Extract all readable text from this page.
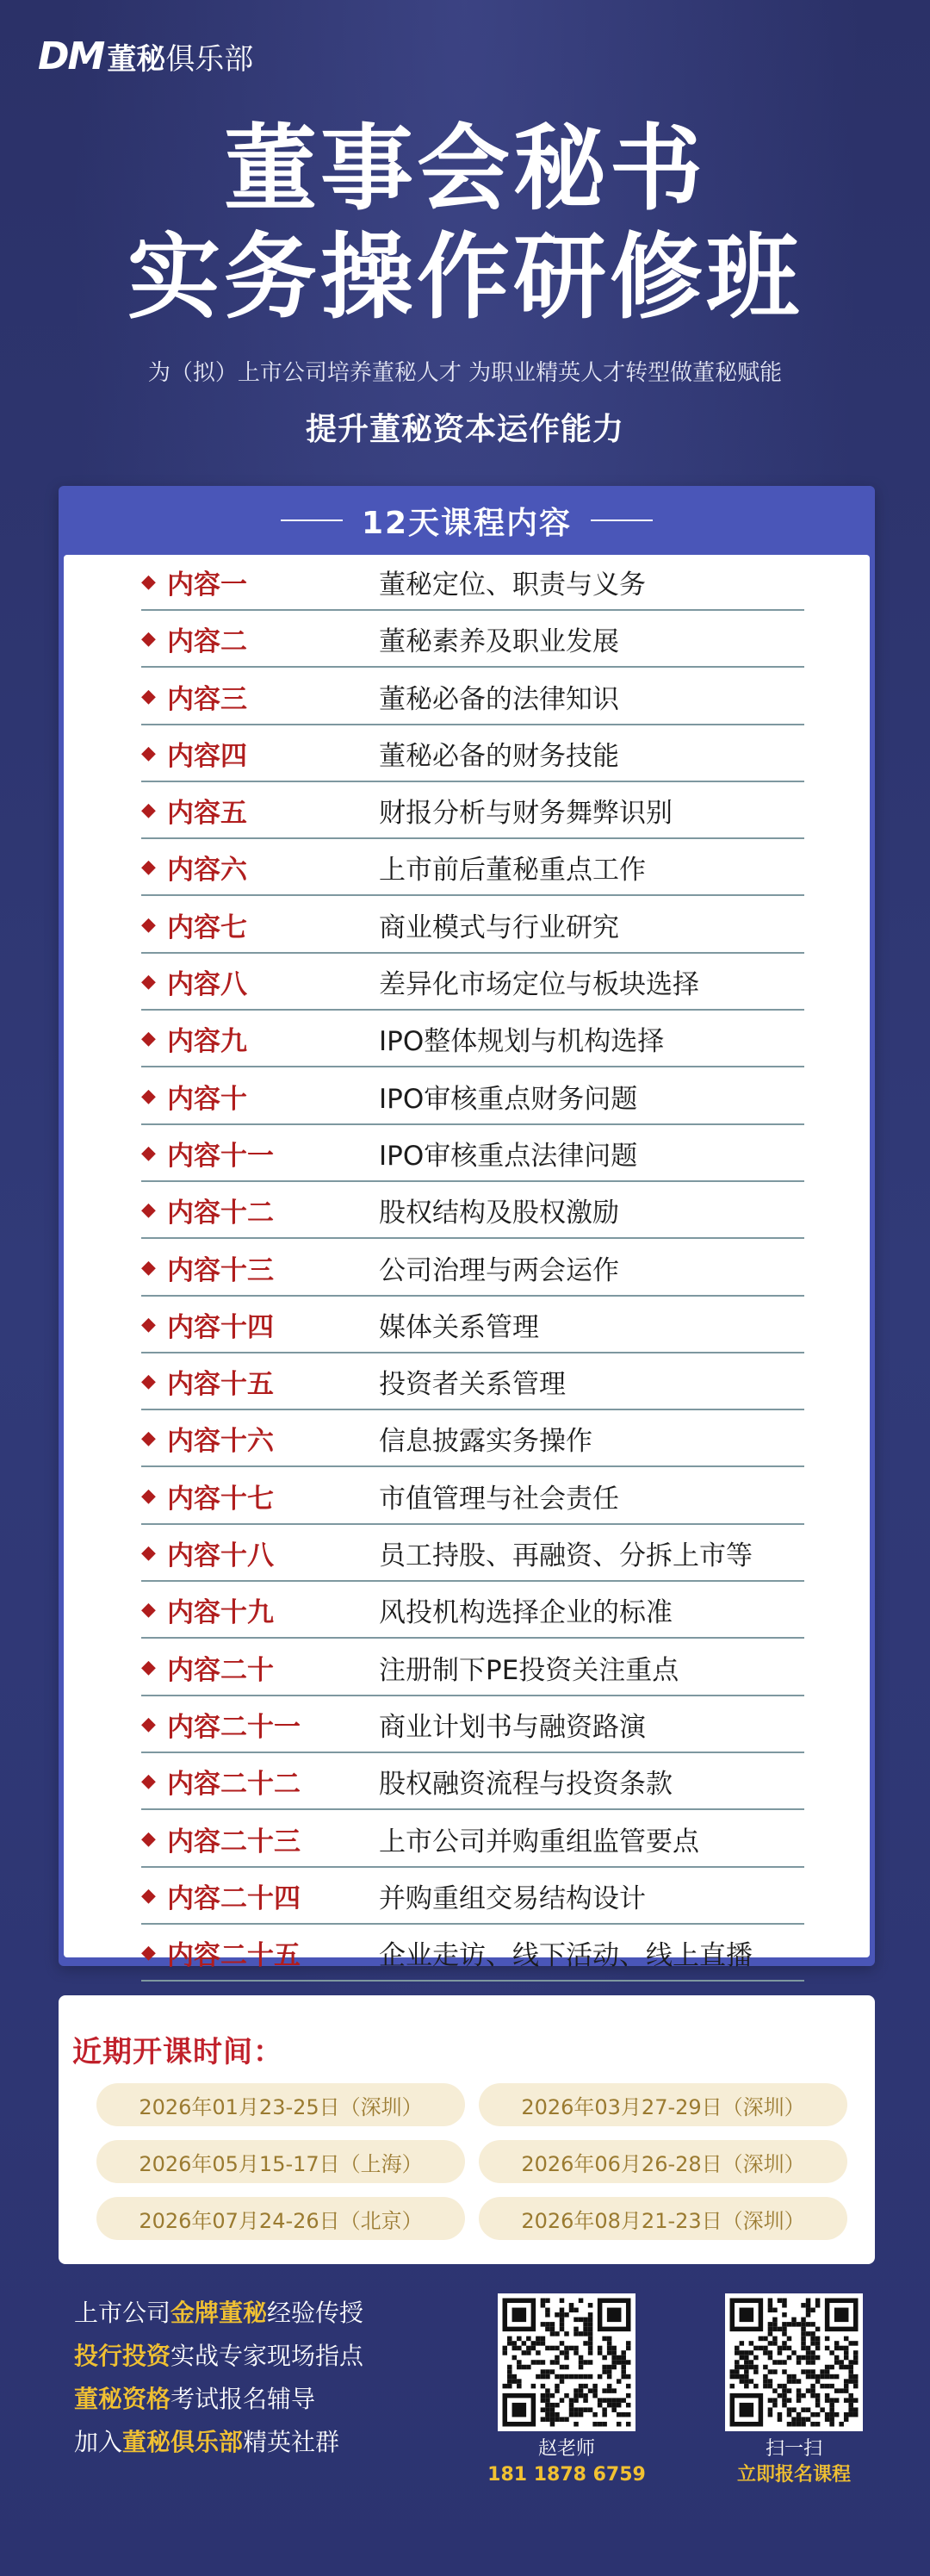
DM 董秘俱乐部
董事会秘书
实务操作研修班
为（拟）上市公司培养董秘人才 为职业精英人才转型做董秘赋能
提升董秘资本运作能力
12天课程内容
◆ 内容一	董秘定位、职责与义务
◆ 内容二	董秘素养及职业发展
◆ 内容三	董秘必备的法律知识
◆ 内容四	董秘必备的财务技能
◆ 内容五	财报分析与财务舞弊识别
◆ 内容六	上市前后董秘重点工作
◆ 内容七	商业模式与行业研究
◆ 内容八	差异化市场定位与板块选择
◆ 内容九	IPO整体规划与机构选择
◆ 内容十	IPO审核重点财务问题
◆ 内容十一	IPO审核重点法律问题
◆ 内容十二	股权结构及股权激励
◆ 内容十三	公司治理与两会运作
◆ 内容十四	媒体关系管理
◆ 内容十五	投资者关系管理
◆ 内容十六	信息披露实务操作
◆ 内容十七	市值管理与社会责任
◆ 内容十八	员工持股、再融资、分拆上市等
◆ 内容十九	风投机构选择企业的标准
◆ 内容二十	注册制下PE投资关注重点
◆ 内容二十一	商业计划书与融资路演
◆ 内容二十二	股权融资流程与投资条款
◆ 内容二十三	上市公司并购重组监管要点
◆ 内容二十四	并购重组交易结构设计
◆ 内容二十五	企业走访、线下活动、线上直播
近期开课时间：
2026年01月23-25日（深圳）	2026年03月27-29日（深圳）
2026年05月15-17日（上海）	2026年06月26-28日（深圳）
2026年07月24-26日（北京）	2026年08月21-23日（深圳）
上市公司金牌董秘经验传授
投行投资实战专家现场指点
董秘资格考试报名辅导
加入董秘俱乐部精英社群	赵老师
181 1878 6759
扫一扫
立即报名课程
